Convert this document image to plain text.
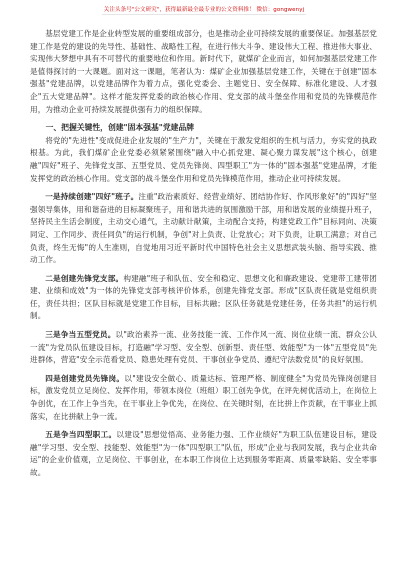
关注头条号"公文研究"，获得最新最全最专业的公文资料推！ 微信：gongwenyj

基层党建工作是企业转型发展的重要组成部分，也是推动企业可持续发展的重要保证。加强基层党建工作是党的建设的先导性、基础性、战略性工程，在进行伟大斗争、建设伟大工程、推进伟大事业、实现伟大梦想中具有不可替代的重要地位和作用。新时代下，就煤矿企业而言，如何加强基层党建工作是值得探讨的一大课题。面对这一课题，笔者认为：煤矿企业加强基层党建工作，关键在于创建"固本强基"党建品牌，以党建品牌作为着力点，强化党委会、主题党日、安全保障、标准化建设、人才强企"五大党建品牌"。这样才能发挥党委的政治核心作用、党支部的战斗堡垒作用和党员的先锋模范作用，为推动企业可持续发展提供强有力的组织保障。

一、把握关键性，创建"固本强基"党建品牌

将党的"先进性"变成促进企业发展的"生产力"，关键在于激发党组织的生机与活力，夯实党的执政根基。为此，我们煤矿企业党委必须紧紧围绕"融入中心抓党建、凝心聚力谋发展"这个核心，创建融"四好"班子、先锋党支部、五型党员、党员先锋岗、四型职工"为一体的"固本强基"党建品牌，才能发挥党的政治核心作用。党支部的战斗堡垒作用和党员先锋模范作用，推动企业可持续发展。

一是持续创建"四好"班子。注重"政治素质好、经营业绩好、团结协作好、作风形象好"的"四好"坚强领导集体，用和谐奋进的目标凝聚班子，用和谐共进的氛围激励干部，用和谐发展的业绩提升班子，坚持民主生活会制度，主动交心通气，主动献计献策，主动配合支持，构建党政工作"目标同向、决策同定、工作同步、责任同负"的运行机制，争创"对上负责、让党放心；对下负责，让职工满意；对自己负责，终生无悔"的人生准则，自觉地用习近平新时代中国特色社会主义思想武装头脑、指导实践、推动工作。

二是创建先锋党支部。构建融"班子和队伍、安全和稳定、思想文化和廉政建设、党建带工建带团建、业绩和成效"为一体的先锋党支部考核评价体系，创建先锋党支部。形成"区队责任就是党组织责任，责任共担；区队目标就是党建工作目标，目标共融；区队任务就是党建任务，任务共担"的运行机制。

三是争当五型党员。以"政治素养一流、业务技能一流、工作作风一流、岗位业绩一流、群众公认一流"为党员队伍建设目标，打造融"学习型、安全型、创新型、责任型、效能型"为一体"五型党员"先进群体，营造"安全示范看党员、隐患处理有党员、干事创业争党员、遵纪守法数党员"的良好氛围。

四是创建党员先锋岗。以"建设安全做心、质量达标、管理严格、制度健全"为党员先锋岗创建目标，激发党员立足岗位、发挥作用，带领本岗位（班组）职工创先争优，在评先树优活动上，在岗位上争创优，在工作上争当先，在干事业上争优先，在岗位、在关键时刻，在比拼上作贡献，在干事业上抓落实，在比拼献上争一流。

五是争当四型职工。以建设"思想觉悟高、业务能力强、工作业绩好"为职工队伍建设目标，建设融"学习型、安全型、技能型、效能型"为一体"四型职工"队伍，形成"企业与我同发展，我与企业共命运"的企业价值观，立足岗位、干事创业，在本职工作岗位上达到服务零距离、质量零缺陷、安全零事故。
